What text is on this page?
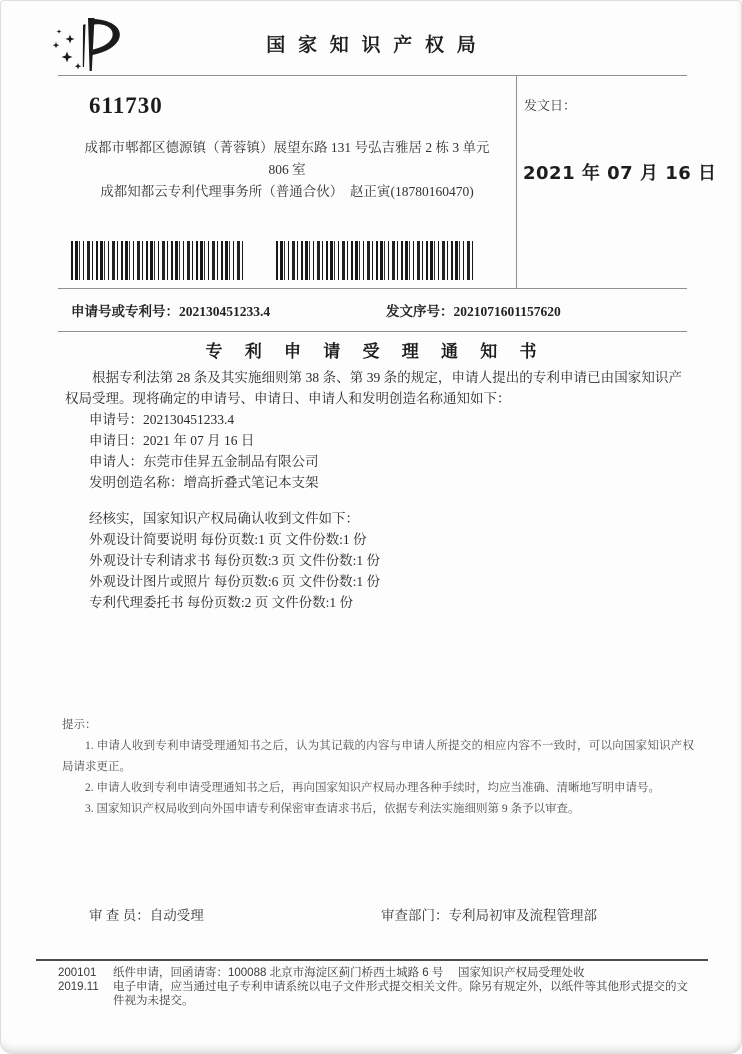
国 家 知 识 产 权 局
611730
成都市郫都区德源镇（菁蓉镇）展望东路 131 号弘吉雅居 2 栋 3 单元
806 室
成都知都云专利代理事务所（普通合伙）　赵正寅(18780160470)
发文日：
2021 年 07 月 16 日
申请号或专利号：202130451233.4	发文序号：2021071601157620
专 利 申 请 受 理 通 知 书

根据专利法第 28 条及其实施细则第 38 条、第 39 条的规定，申请人提出的专利申请已由国家知识产权局受理。现将确定的申请号、申请日、申请人和发明创造名称通知如下：

申请号：202130451233.4
申请日：2021 年 07 月 16 日
申请人：东莞市佳昇五金制品有限公司
发明创造名称：增高折叠式笔记本支架
经核实，国家知识产权局确认收到文件如下：
外观设计简要说明 每份页数:1 页 文件份数:1 份
外观设计专利请求书 每份页数:3 页 文件份数:1 份
外观设计图片或照片 每份页数:6 页 文件份数:1 份
专利代理委托书 每份页数:2 页 文件份数:1 份
提示：
1. 申请人收到专利申请受理通知书之后，认为其记载的内容与申请人所提交的相应内容不一致时，可以向国家知识产权局请求更正。
2. 申请人收到专利申请受理通知书之后，再向国家知识产权局办理各种手续时，均应当准确、清晰地写明申请号。
3. 国家知识产权局收到向外国申请专利保密审查请求书后，依据专利法实施细则第 9 条予以审查。
审 查 员：自动受理	审查部门：专利局初审及流程管理部
200101	纸件申请，回函请寄：100088 北京市海淀区蓟门桥西土城路 6 号　 国家知识产权局受理处收
2019.11	电子申请，应当通过电子专利申请系统以电子文件形式提交相关文件。除另有规定外，以纸件等其他形式提交的文件视为未提交。
